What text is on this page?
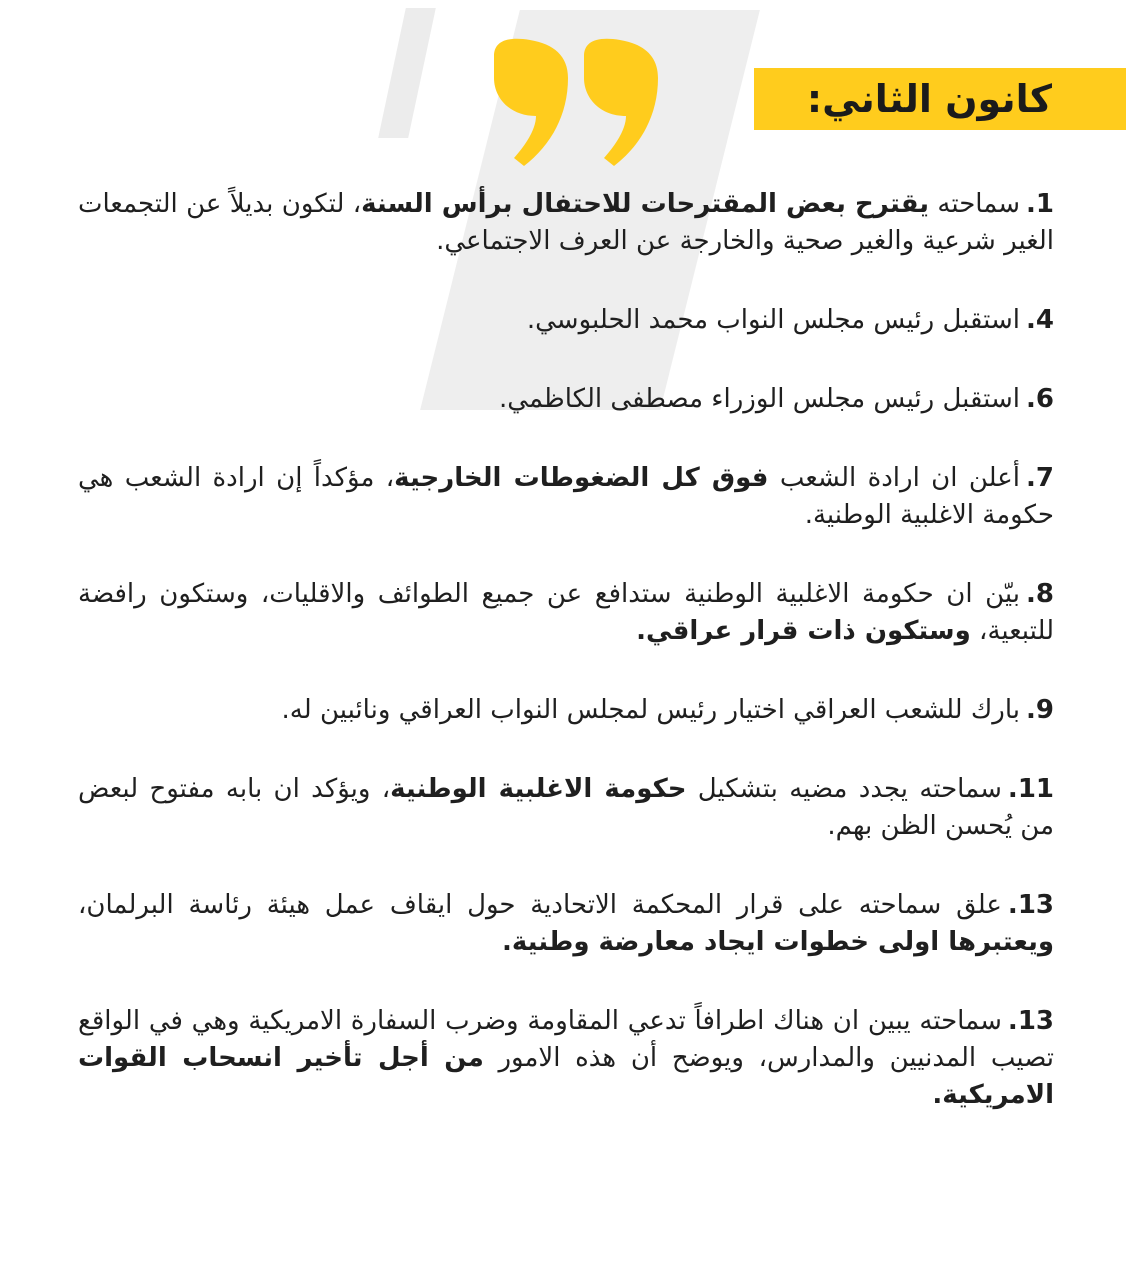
كانون الثاني:

1.سماحته يقترح بعض المقترحات للاحتفال برأس السنة، لتكون بديلاً عن التجمعات الغير شرعية والغير صحية والخارجة عن العرف الاجتماعي.

4.استقبل رئيس مجلس النواب محمد الحلبوسي.

6.استقبل رئيس مجلس الوزراء مصطفى الكاظمي.

7.أعلن ان ارادة الشعب فوق كل الضغوطات الخارجية، مؤكداً إن ارادة الشعب هي حكومة الاغلبية الوطنية.

8.بيّن ان حكومة الاغلبية الوطنية ستدافع عن جميع الطوائف والاقليات، وستكون رافضة للتبعية، وستكون ذات قرار عراقي.

9.بارك للشعب العراقي اختيار رئيس لمجلس النواب العراقي ونائبين له.

11.سماحته يجدد مضيه بتشكيل حكومة الاغلبية الوطنية، ويؤكد ان بابه مفتوح لبعض من يُحسن الظن بهم.

13.علق سماحته على قرار المحكمة الاتحادية حول ايقاف عمل هيئة رئاسة البرلمان، ويعتبرها اولى خطوات ايجاد معارضة وطنية.

13.سماحته يبين ان هناك اطرافاً تدعي المقاومة وضرب السفارة الامريكية وهي في الواقع تصيب المدنيين والمدارس، ويوضح أن هذه الامور من أجل تأخير انسحاب القوات الامريكية.
